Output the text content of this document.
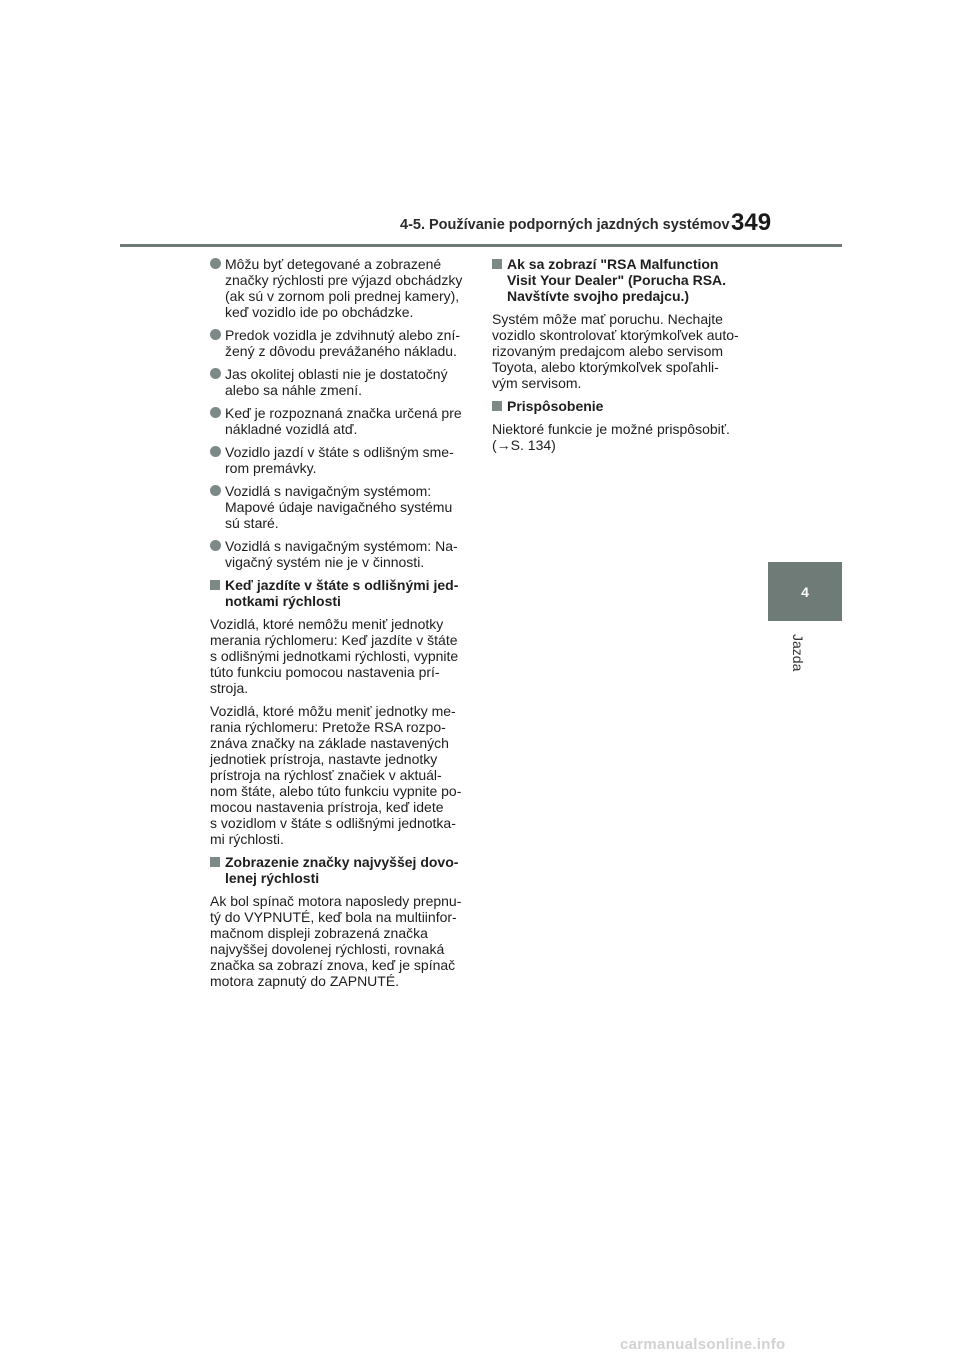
4-5. Používanie podporných jazdných systémov 349
Môžu byť detegované a zobrazené
značky rýchlosti pre výjazd obchádzky
(ak sú v zornom poli prednej kamery),
keď vozidlo ide po obchádzke.
Predok vozidla je zdvihnutý alebo zní-
žený z dôvodu prevážaného nákladu.
Jas okolitej oblasti nie je dostatočný
alebo sa náhle zmení.
Keď je rozpoznaná značka určená pre
nákladné vozidlá atď.
Vozidlo jazdí v štáte s odlišným sme-
rom premávky.
Vozidlá s navigačným systémom:
Mapové údaje navigačného systému
sú staré.
Vozidlá s navigačným systémom: Na-
vigačný systém nie je v činnosti.
Keď jazdíte v štáte s odlišnými jed-
notkami rýchlosti
Vozidlá, ktoré nemôžu meniť jednotky
merania rýchlomeru: Keď jazdíte v štáte
s odlišnými jednotkami rýchlosti, vypnite
túto funkciu pomocou nastavenia prí-
stroja.
Vozidlá, ktoré môžu meniť jednotky me-
rania rýchlomeru: Pretože RSA rozpo-
znáva značky na základe nastavených
jednotiek prístroja, nastavte jednotky
prístroja na rýchlosť značiek v aktuál-
nom štáte, alebo túto funkciu vypnite po-
mocou nastavenia prístroja, keď idete
s vozidlom v štáte s odlišnými jednotka-
mi rýchlosti.
Zobrazenie značky najvyššej dovo-
lenej rýchlosti
Ak bol spínač motora naposledy prepnu-
tý do VYPNUTÉ, keď bola na multiinfor-
mačnom displeji zobrazená značka
najvyššej dovolenej rýchlosti, rovnaká
značka sa zobrazí znova, keď je spínač
motora zapnutý do ZAPNUTÉ.
Ak sa zobrazí "RSA Malfunction
Visit Your Dealer" (Porucha RSA.
Navštívte svojho predajcu.)
Systém môže mať poruchu. Nechajte
vozidlo skontrolovať ktorýmkoľvek auto-
rizovaným predajcom alebo servisom
Toyota, alebo ktorýmkoľvek spoľahli-
vým servisom.
Prispôsobenie
Niektoré funkcie je možné prispôsobiť.
(→S. 134)
4
Jazda
carmanualsonline.info
